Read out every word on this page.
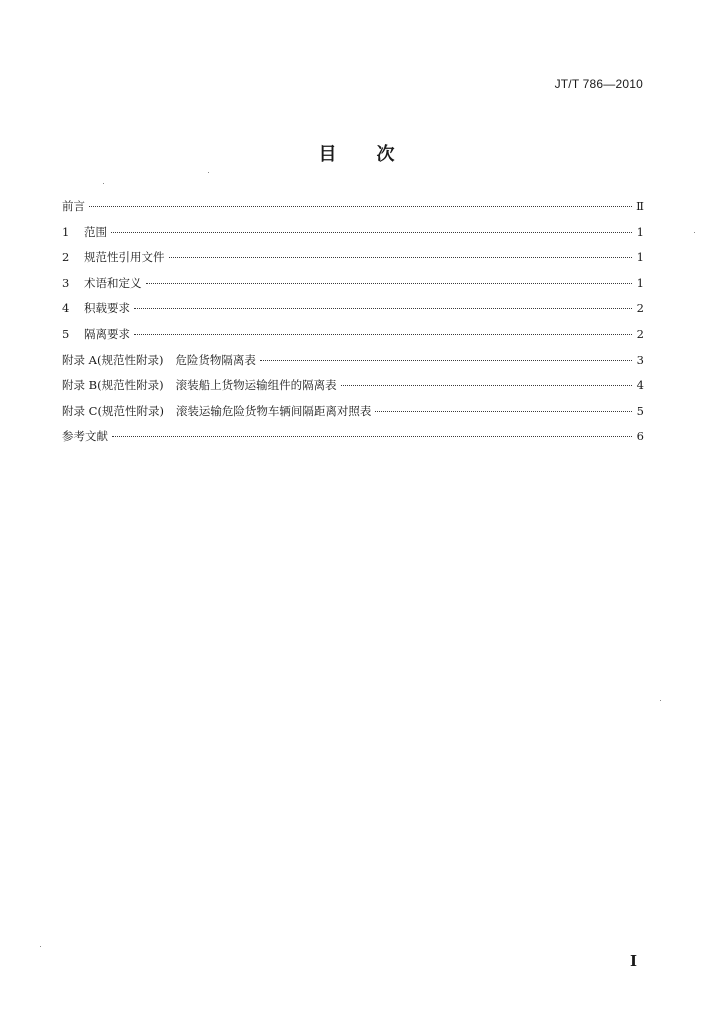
JT/T 786—2010
目次
前言	Ⅱ
1	范围	1
2	规范性引用文件	1
3	术语和定义	1
4	积载要求	2
5	隔离要求	2
附录 A(规范性附录) 危险货物隔离表	3
附录 B(规范性附录) 滚装船上货物运输组件的隔离表	4
附录 C(规范性附录) 滚装运输危险货物车辆间隔距离对照表	5
参考文献	6
I
